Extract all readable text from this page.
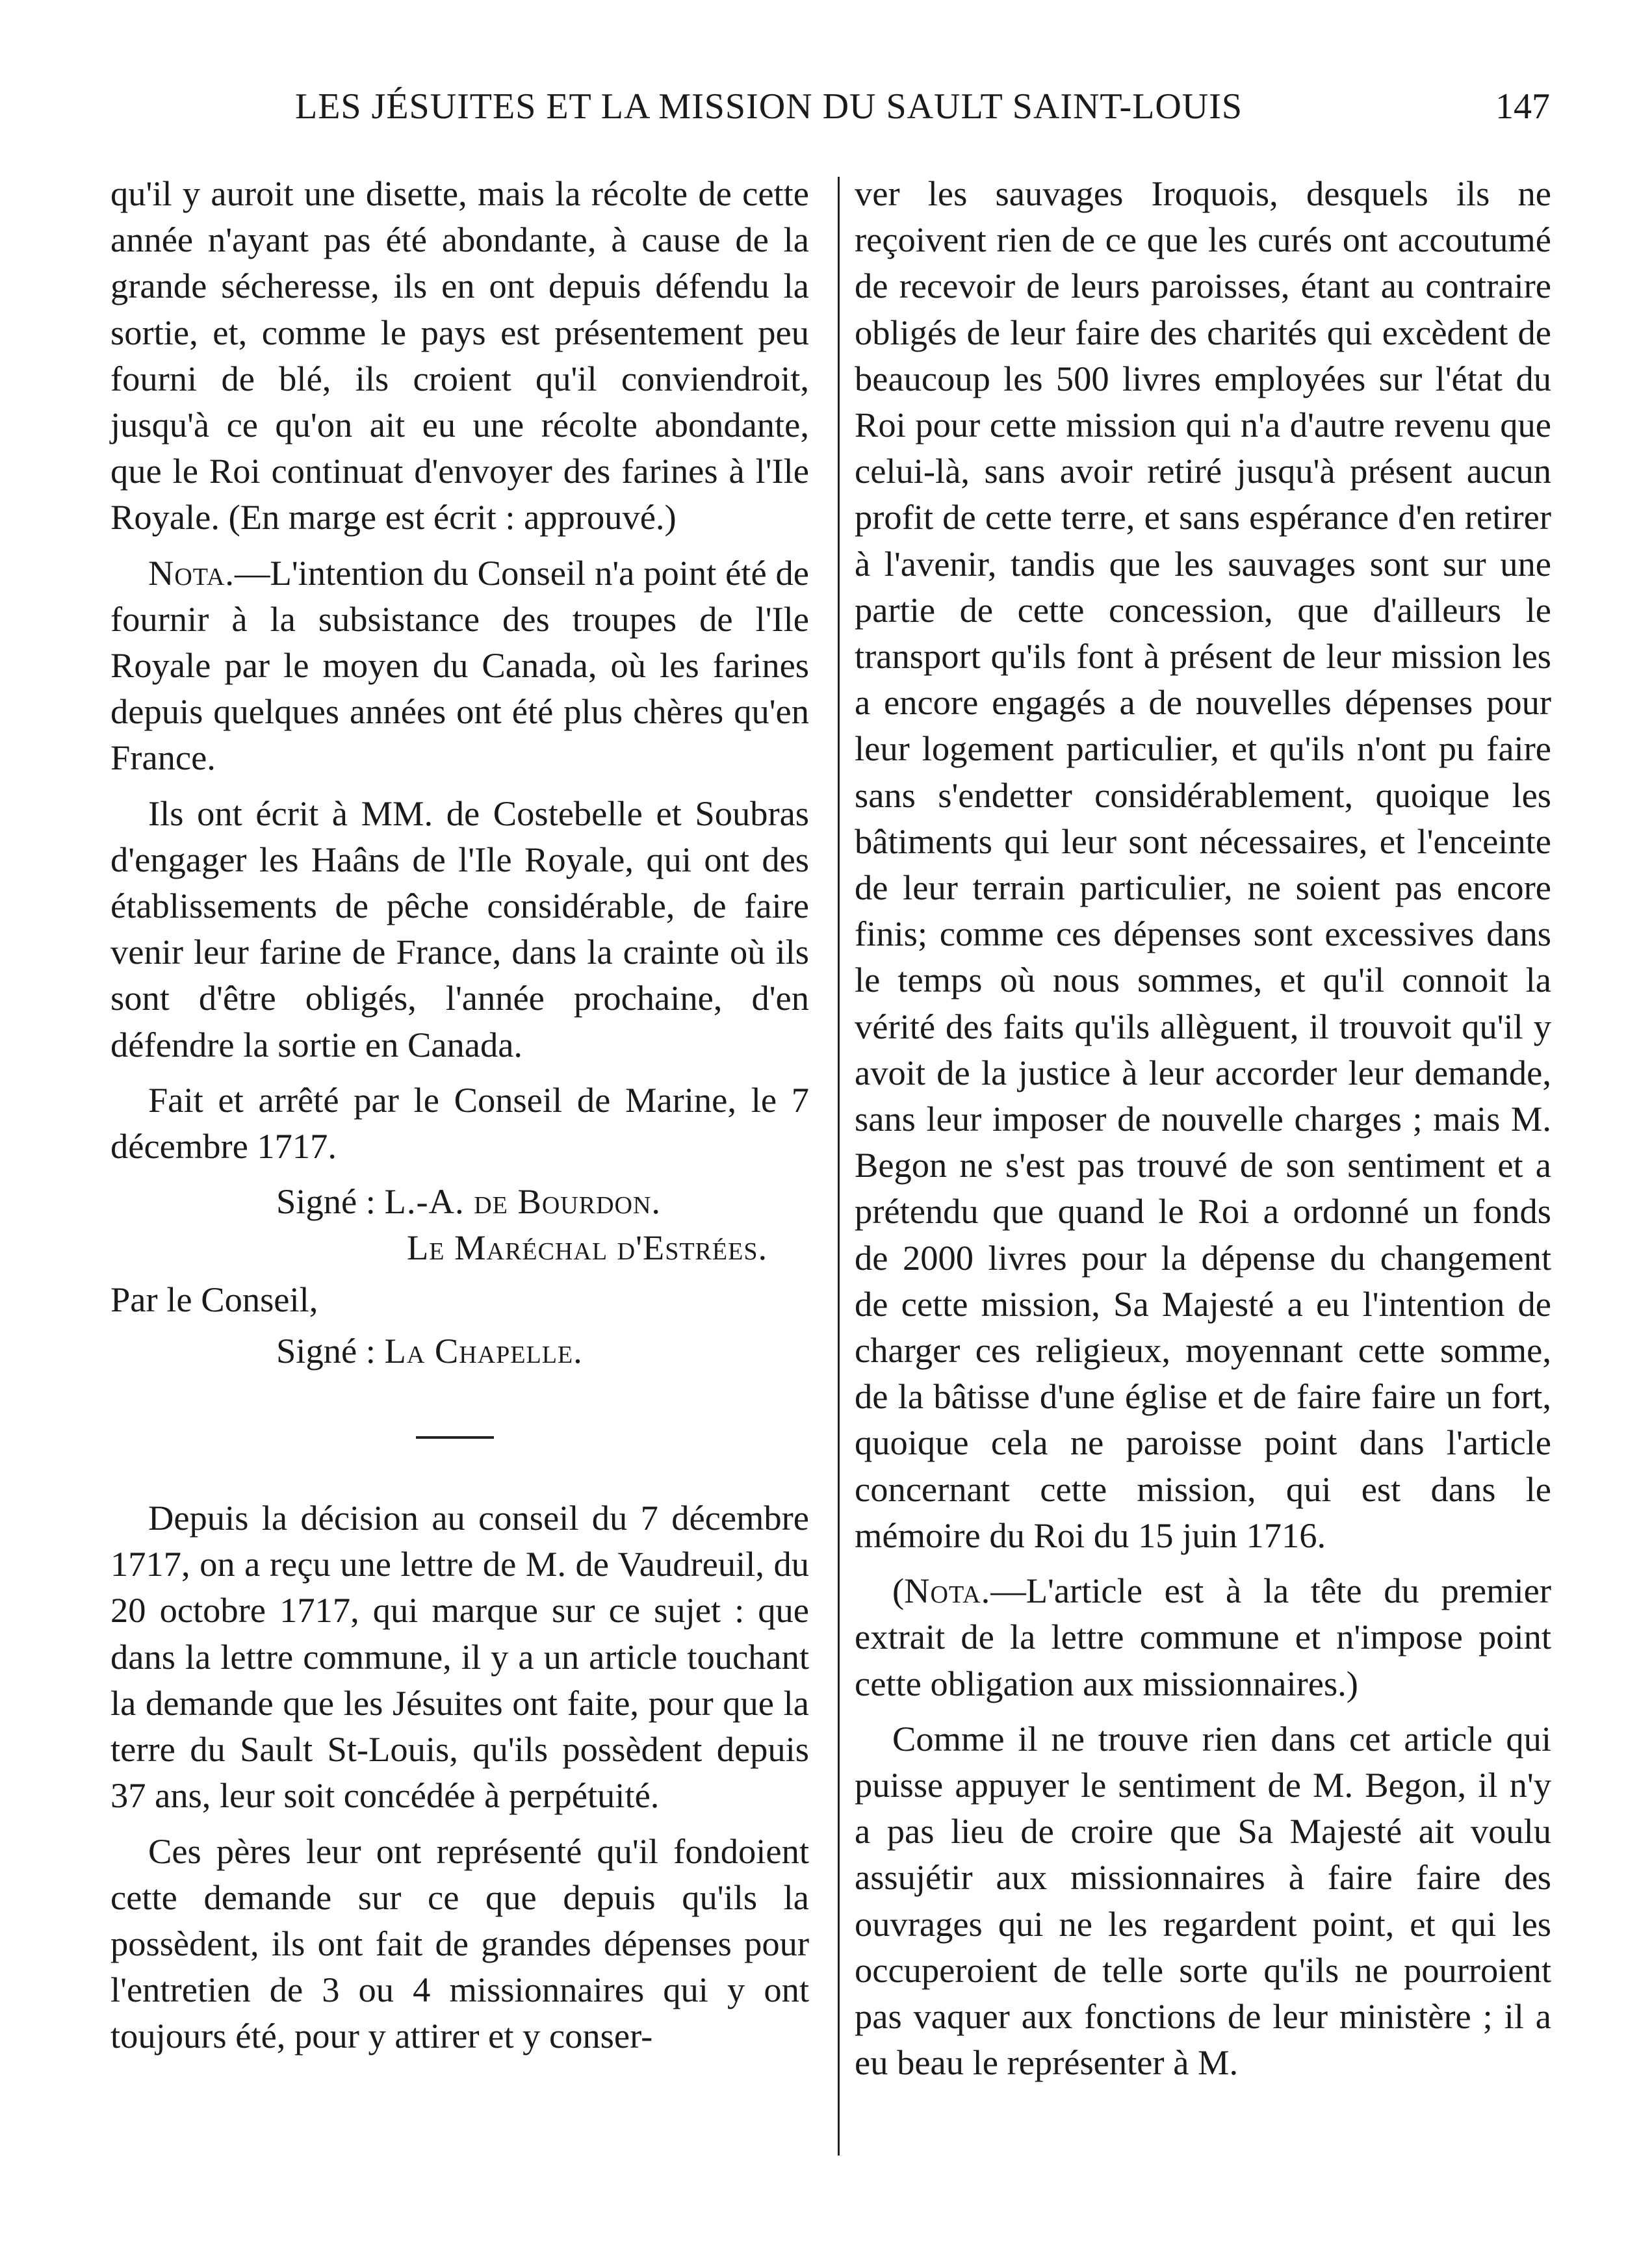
LES JÉSUITES ET LA MISSION DU SAULT SAINT-LOUIS	147

qu'il y auroit une disette, mais la récolte de cette année n'ayant pas été abondante, à cause de la grande sécheresse, ils en ont depuis défendu la sortie, et, comme le pays est présentement peu fourni de blé, ils croient qu'il conviendroit, jusqu'à ce qu'on ait eu une récolte abondante, que le Roi continuat d'envoyer des farines à l'Ile Royale. (En marge est écrit : approuvé.)

Nota.—L'intention du Conseil n'a point été de fournir à la subsistance des troupes de l'Ile Royale par le moyen du Canada, où les farines depuis quelques années ont été plus chères qu'en France.

Ils ont écrit à MM. de Costebelle et Soubras d'engager les Haâns de l'Ile Royale, qui ont des établissements de pêche considérable, de faire venir leur farine de France, dans la crainte où ils sont d'être obligés, l'année prochaine, d'en défendre la sortie en Canada.

Fait et arrêté par le Conseil de Marine, le 7 décembre 1717.

Signé : L.-A. de Bourdon.

Le Maréchal d'Estrées.

Par le Conseil,

Signé : La Chapelle.

Depuis la décision au conseil du 7 décembre 1717, on a reçu une lettre de M. de Vaudreuil, du 20 octobre 1717, qui marque sur ce sujet : que dans la lettre commune, il y a un article touchant la demande que les Jésuites ont faite, pour que la terre du Sault St-Louis, qu'ils possèdent depuis 37 ans, leur soit concédée à perpétuité.

Ces pères leur ont représenté qu'il fondoient cette demande sur ce que depuis qu'ils la possèdent, ils ont fait de grandes dépenses pour l'entretien de 3 ou 4 missionnaires qui y ont toujours été, pour y attirer et y conser-

ver les sauvages Iroquois, desquels ils ne reçoivent rien de ce que les curés ont accoutumé de recevoir de leurs paroisses, étant au contraire obligés de leur faire des charités qui excèdent de beaucoup les 500 livres employées sur l'état du Roi pour cette mission qui n'a d'autre revenu que celui-là, sans avoir retiré jusqu'à présent aucun profit de cette terre, et sans espérance d'en retirer à l'avenir, tandis que les sauvages sont sur une partie de cette concession, que d'ailleurs le transport qu'ils font à présent de leur mission les a encore engagés a de nouvelles dépenses pour leur logement particulier, et qu'ils n'ont pu faire sans s'endetter considérablement, quoique les bâtiments qui leur sont nécessaires, et l'enceinte de leur terrain particulier, ne soient pas encore finis; comme ces dépenses sont excessives dans le temps où nous sommes, et qu'il connoit la vérité des faits qu'ils allèguent, il trouvoit qu'il y avoit de la justice à leur accorder leur demande, sans leur imposer de nouvelle charges ; mais M. Begon ne s'est pas trouvé de son sentiment et a prétendu que quand le Roi a ordonné un fonds de 2000 livres pour la dépense du changement de cette mission, Sa Majesté a eu l'intention de charger ces religieux, moyennant cette somme, de la bâtisse d'une église et de faire faire un fort, quoique cela ne paroisse point dans l'article concernant cette mission, qui est dans le mémoire du Roi du 15 juin 1716.

(Nota.—L'article est à la tête du premier extrait de la lettre commune et n'impose point cette obligation aux missionnaires.)

Comme il ne trouve rien dans cet article qui puisse appuyer le sentiment de M. Begon, il n'y a pas lieu de croire que Sa Majesté ait voulu assujétir aux missionnaires à faire faire des ouvrages qui ne les regardent point, et qui les occuperoient de telle sorte qu'ils ne pourroient pas vaquer aux fonctions de leur ministère ; il a eu beau le représenter à M.
